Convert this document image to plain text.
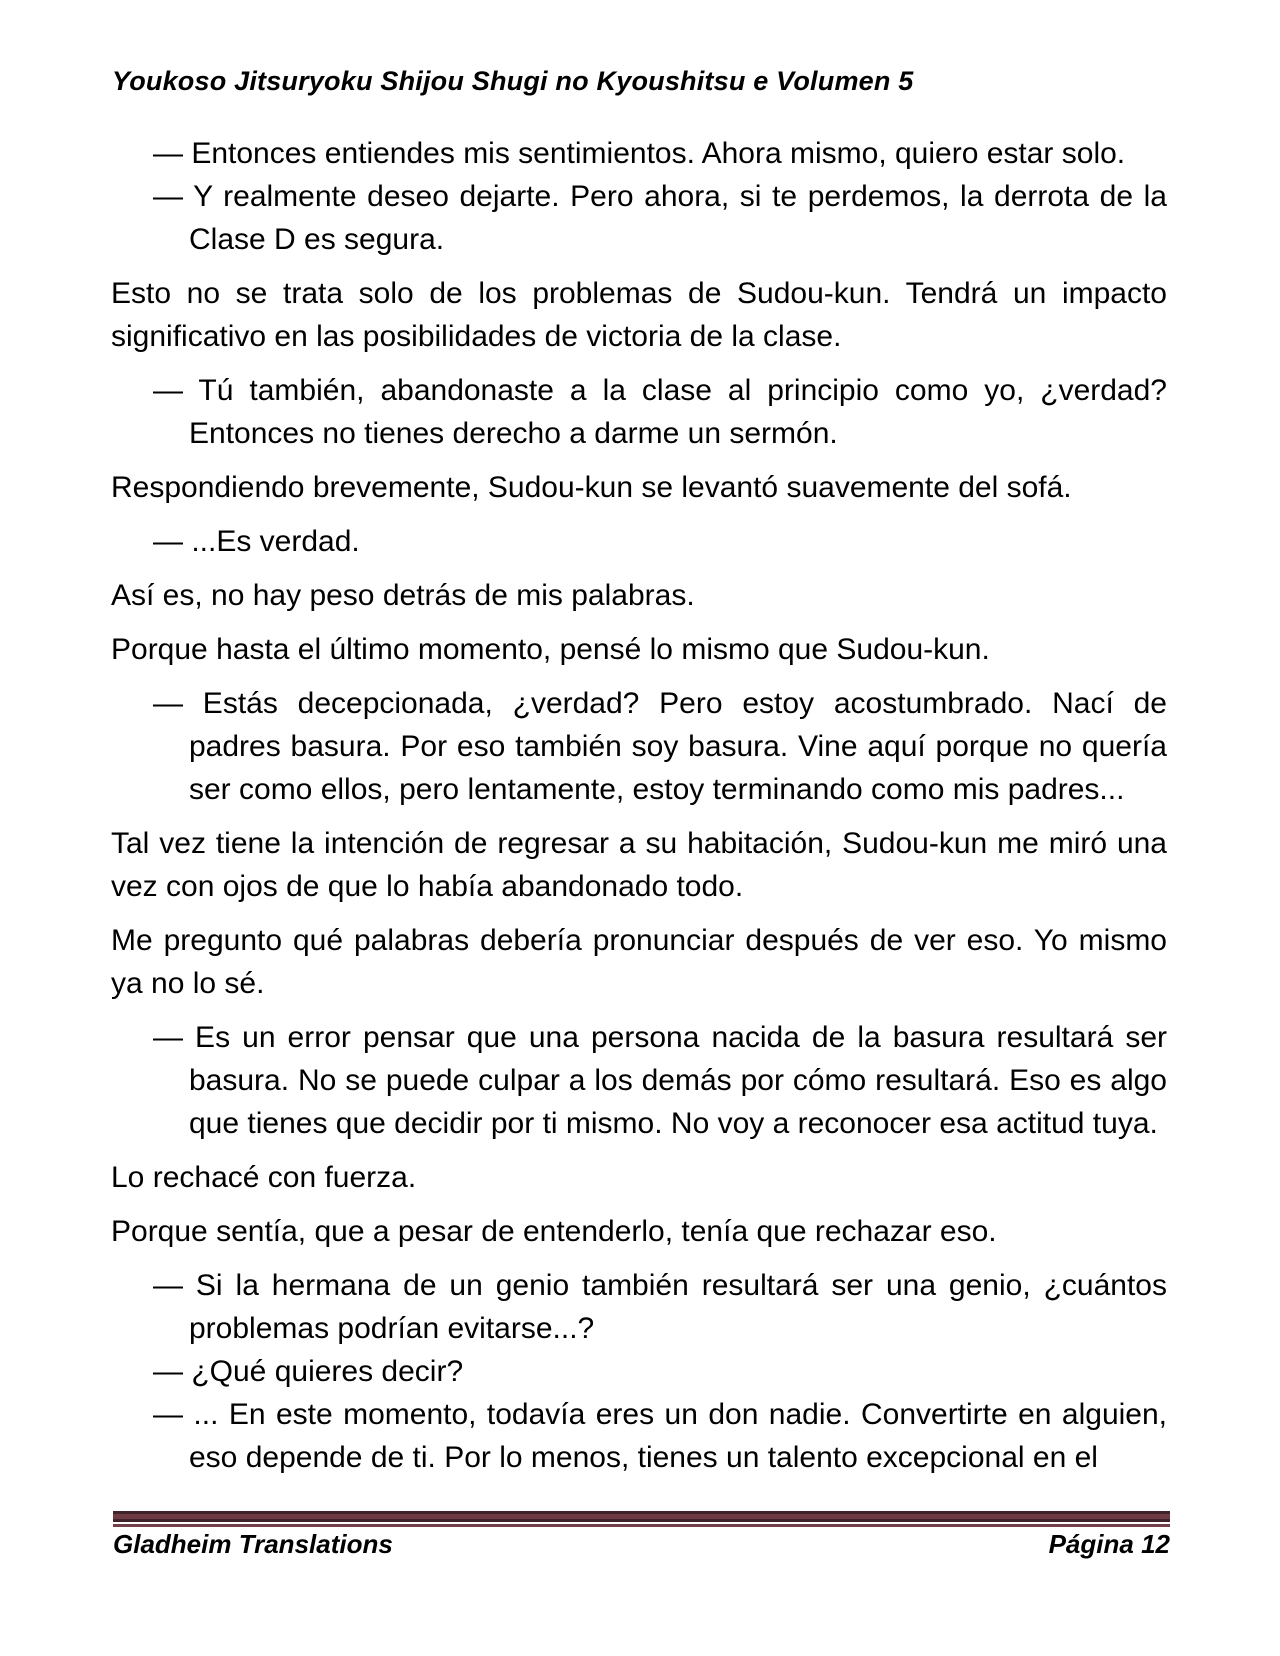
Youkoso Jitsuryoku Shijou Shugi no Kyoushitsu e Volumen 5

— Entonces entiendes mis sentimientos. Ahora mismo, quiero estar solo.

— Y realmente deseo dejarte. Pero ahora, si te perdemos, la derrota de la Clase D es segura.

Esto no se trata solo de los problemas de Sudou-kun. Tendrá un impacto significativo en las posibilidades de victoria de la clase.

— Tú también, abandonaste a la clase al principio como yo, ¿verdad? Entonces no tienes derecho a darme un sermón.

Respondiendo brevemente, Sudou-kun se levantó suavemente del sofá.

— ...Es verdad.

Así es, no hay peso detrás de mis palabras.

Porque hasta el último momento, pensé lo mismo que Sudou-kun.

— Estás decepcionada, ¿verdad? Pero estoy acostumbrado. Nací de padres basura. Por eso también soy basura. Vine aquí porque no quería ser como ellos, pero lentamente, estoy terminando como mis padres...

Tal vez tiene la intención de regresar a su habitación, Sudou-kun me miró una vez con ojos de que lo había abandonado todo.

Me pregunto qué palabras debería pronunciar después de ver eso. Yo mismo ya no lo sé.

— Es un error pensar que una persona nacida de la basura resultará ser basura. No se puede culpar a los demás por cómo resultará. Eso es algo que tienes que decidir por ti mismo. No voy a reconocer esa actitud tuya.

Lo rechacé con fuerza.

Porque sentía, que a pesar de entenderlo, tenía que rechazar eso.

— Si la hermana de un genio también resultará ser una genio, ¿cuántos problemas podrían evitarse...?

— ¿Qué quieres decir?

— ... En este momento, todavía eres un don nadie. Convertirte en alguien, eso depende de ti. Por lo menos, tienes un talento excepcional en el

Gladheim Translations	Página 12
